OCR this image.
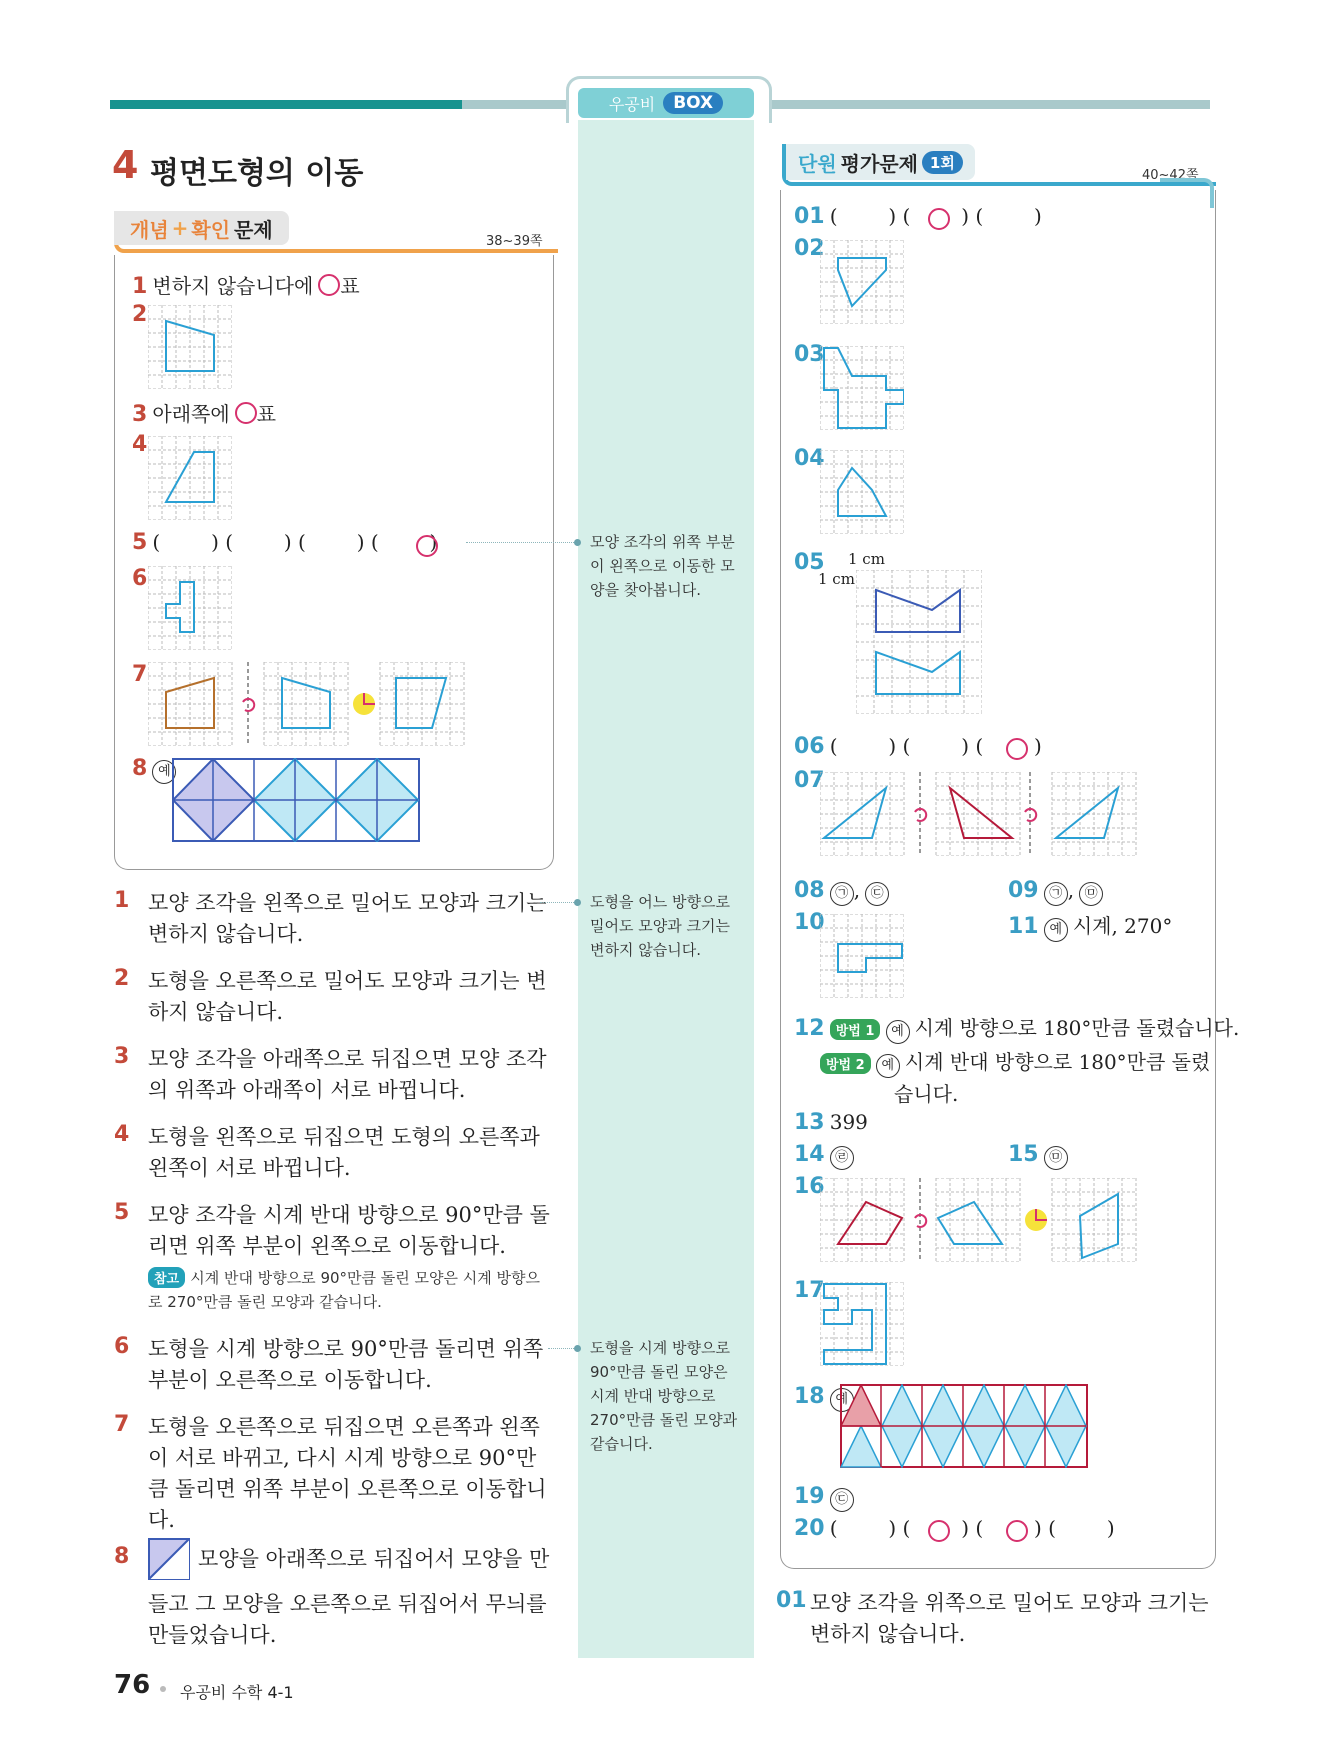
우공비	BOX
4 평면도형의 이동
개념 + 확인 문제	38~39쪽
1 변하지 않습니다에 ○표
2
3 아래쪽에 ○표
4
5 (        ) (        ) (        ) (        )
6
7
8 예
1 모양 조각을 왼쪽으로 밀어도 모양과 크기는 변하지 않습니다.
2 도형을 오른쪽으로 밀어도 모양과 크기는 변하지 않습니다.
3 모양 조각을 아래쪽으로 뒤집으면 모양 조각의 위쪽과 아래쪽이 서로 바뀝니다.
4 도형을 왼쪽으로 뒤집으면 도형의 오른쪽과 왼쪽이 서로 바뀝니다.
5 모양 조각을 시계 반대 방향으로 90°만큼 돌리면 위쪽 부분이 왼쪽으로 이동합니다.
참고 시계 반대 방향으로 90°만큼 돌린 모양은 시계 방향으로 270°만큼 돌린 모양과 같습니다.
6 도형을 시계 방향으로 90°만큼 돌리면 위쪽 부분이 오른쪽으로 이동합니다.
7 도형을 오른쪽으로 뒤집으면 오른쪽과 왼쪽이 서로 바뀌고, 다시 시계 방향으로 90°만큼 돌리면 위쪽 부분이 오른쪽으로 이동합니다.
8	모양을 아래쪽으로 뒤집어서 모양을 만
들고 그 모양을 오른쪽으로 뒤집어서 무늬를 만들었습니다.
모양 조각의 위쪽 부분이 왼쪽으로 이동한 모양을 찾아봅니다.
도형을 어느 방향으로 밀어도 모양과 크기는 변하지 않습니다.
도형을 시계 방향으로 90°만큼 돌린 모양은 시계 반대 방향으로 270°만큼 돌린 모양과 같습니다.
단원 평가문제 1회
40~42쪽
01 (        ) (        ) (        )
02
03
04
05 1 cm
1 cm
06 (        ) (        ) (        )
07
08 ㉠ , ㉢	09 ㉠ , ㉤
10	11 예 시계, 270°
12 방법 1 예 시계 방향으로 180°만큼 돌렸습니다.
방법 2 예 시계 반대 방향으로 180°만큼 돌렸
습니다.
13 399
14 ㉣	15 ㉤
16
17
18 예
19 ㉢
20 (        ) (        ) (        ) (        )
01 모양 조각을 위쪽으로 밀어도 모양과 크기는 변하지 않습니다.
76 우공비 수학 4-1
